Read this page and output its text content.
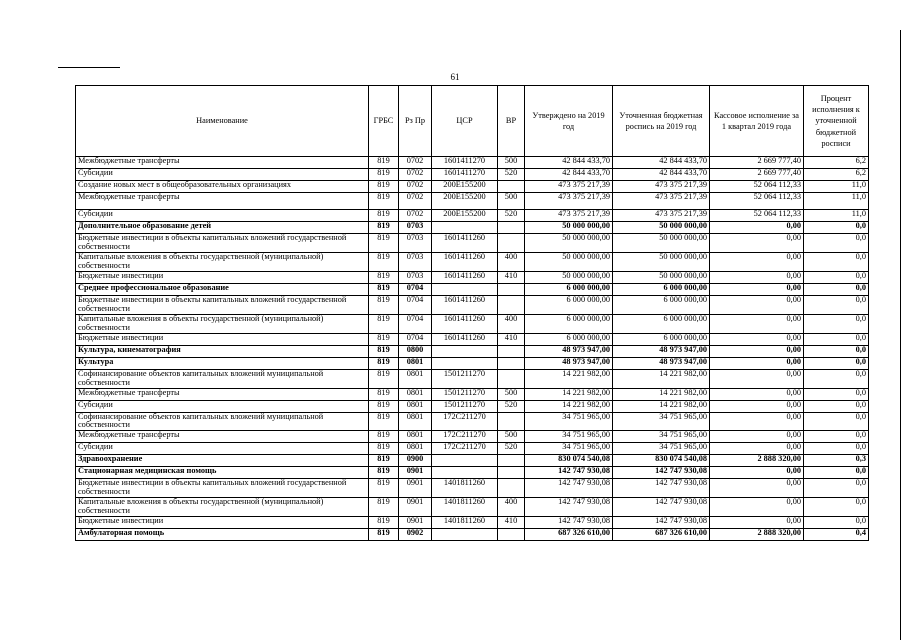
61
Наименование	ГРБС	Рз Пр	ЦСР	ВР	Утверждено на 2019 год	Уточненная бюджетная роспись на 2019 год	Кассовое исполнение за 1 квартал 2019 года	Процент исполнения к уточненной бюджетной росписи
Межбюджетные трансферты	819	0702	1601411270	500	42 844 433,70	42 844 433,70	2 669 777,40	6,2
Субсидии	819	0702	1601411270	520	42 844 433,70	42 844 433,70	2 669 777,40	6,2
Создание новых мест в общеобразовательных организациях	819	0702	200E155200		473 375 217,39	473 375 217,39	52 064 112,33	11,0
Межбюджетные трансферты	819	0702	200E155200	500	473 375 217,39	473 375 217,39	52 064 112,33	11,0
Субсидии	819	0702	200E155200	520	473 375 217,39	473 375 217,39	52 064 112,33	11,0
Дополнительное образование детей	819	0703			50 000 000,00	50 000 000,00	0,00	0,0
Бюджетные инвестиции в объекты капитальных вложений государственной собственности	819	0703	1601411260		50 000 000,00	50 000 000,00	0,00	0,0
Капитальные вложения в объекты государственной (муниципальной) собственности	819	0703	1601411260	400	50 000 000,00	50 000 000,00	0,00	0,0
Бюджетные инвестиции	819	0703	1601411260	410	50 000 000,00	50 000 000,00	0,00	0,0
Среднее профессиональное образование	819	0704			6 000 000,00	6 000 000,00	0,00	0,0
Бюджетные инвестиции в объекты капитальных вложений государственной собственности	819	0704	1601411260		6 000 000,00	6 000 000,00	0,00	0,0
Капитальные вложения в объекты государственной (муниципальной) собственности	819	0704	1601411260	400	6 000 000,00	6 000 000,00	0,00	0,0
Бюджетные инвестиции	819	0704	1601411260	410	6 000 000,00	6 000 000,00	0,00	0,0
Культура, кинематография	819	0800			48 973 947,00	48 973 947,00	0,00	0,0
Культура	819	0801			48 973 947,00	48 973 947,00	0,00	0,0
Софинансирование объектов капитальных вложений муниципальной собственности	819	0801	1501211270		14 221 982,00	14 221 982,00	0,00	0,0
Межбюджетные трансферты	819	0801	1501211270	500	14 221 982,00	14 221 982,00	0,00	0,0
Субсидии	819	0801	1501211270	520	14 221 982,00	14 221 982,00	0,00	0,0
Софинансирование объектов капитальных вложений муниципальной собственности	819	0801	172C211270		34 751 965,00	34 751 965,00	0,00	0,0
Межбюджетные трансферты	819	0801	172C211270	500	34 751 965,00	34 751 965,00	0,00	0,0
Субсидии	819	0801	172C211270	520	34 751 965,00	34 751 965,00	0,00	0,0
Здравоохранение	819	0900			830 074 540,08	830 074 540,08	2 888 320,00	0,3
Стационарная медицинская помощь	819	0901			142 747 930,08	142 747 930,08	0,00	0,0
Бюджетные инвестиции в объекты капитальных вложений государственной собственности	819	0901	1401811260		142 747 930,08	142 747 930,08	0,00	0,0
Капитальные вложения в объекты государственной (муниципальной) собственности	819	0901	1401811260	400	142 747 930,08	142 747 930,08	0,00	0,0
Бюджетные инвестиции	819	0901	1401811260	410	142 747 930,08	142 747 930,08	0,00	0,0
Амбулаторная помощь	819	0902			687 326 610,00	687 326 610,00	2 888 320,00	0,4
